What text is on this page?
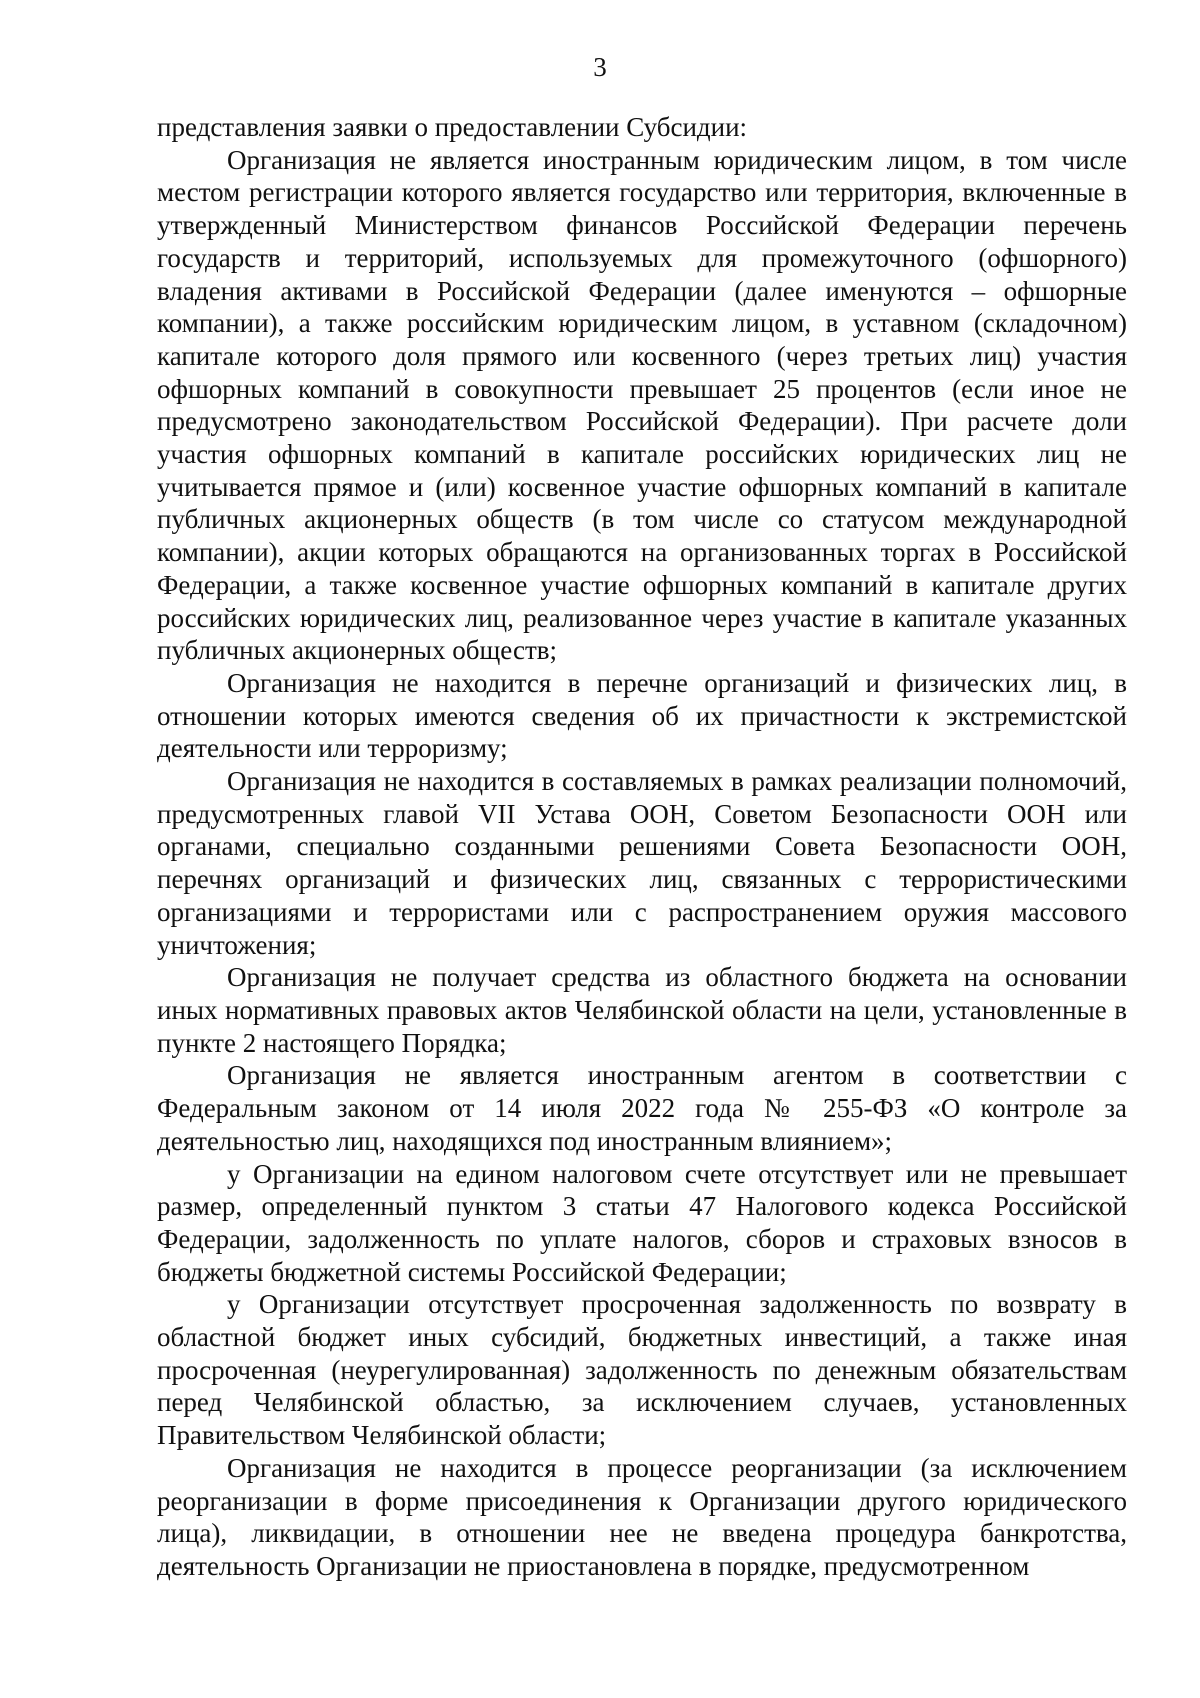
3

представления заявки о предоставлении Субсидии:

Организация не является иностранным юридическим лицом, в том числе местом регистрации которого является государство или территория, включенные в утвержденный Министерством финансов Российской Федерации перечень государств и территорий, используемых для промежуточного (офшорного) владения активами в Российской Федерации (далее именуются – офшорные компании), а также российским юридическим лицом, в уставном (складочном) капитале которого доля прямого или косвенного (через третьих лиц) участия офшорных компаний в совокупности превышает 25 процентов (если иное не предусмотрено законодательством Российской Федерации). При расчете доли участия офшорных компаний в капитале российских юридических лиц не учитывается прямое и (или) косвенное участие офшорных компаний в капитале публичных акционерных обществ (в том числе со статусом международной компании), акции которых обращаются на организованных торгах в Российской Федерации, а также косвенное участие офшорных компаний в капитале других российских юридических лиц, реализованное через участие в капитале указанных публичных акционерных обществ;

Организация не находится в перечне организаций и физических лиц, в отношении которых имеются сведения об их причастности к экстремистской деятельности или терроризму;

Организация не находится в составляемых в рамках реализации полномочий, предусмотренных главой VII Устава ООН, Советом Безопасности ООН или органами, специально созданными решениями Совета Безопасности ООН, перечнях организаций и физических лиц, связанных с террористическими организациями и террористами или с распространением оружия массового уничтожения;

Организация не получает средства из областного бюджета на основании иных нормативных правовых актов Челябинской области на цели, установленные в пункте 2 настоящего Порядка;

Организация не является иностранным агентом в соответствии с Федеральным законом от 14 июля 2022 года № 255-ФЗ «О контроле за деятельностью лиц, находящихся под иностранным влиянием»;

у Организации на едином налоговом счете отсутствует или не превышает размер, определенный пунктом 3 статьи 47 Налогового кодекса Российской Федерации, задолженность по уплате налогов, сборов и страховых взносов в бюджеты бюджетной системы Российской Федерации;

у Организации отсутствует просроченная задолженность по возврату в областной бюджет иных субсидий, бюджетных инвестиций, а также иная просроченная (неурегулированная) задолженность по денежным обязательствам перед Челябинской областью, за исключением случаев, установленных Правительством Челябинской области;

Организация не находится в процессе реорганизации (за исключением реорганизации в форме присоединения к Организации другого юридического лица), ликвидации, в отношении нее не введена процедура банкротства, деятельность Организации не приостановлена в порядке, предусмотренном
